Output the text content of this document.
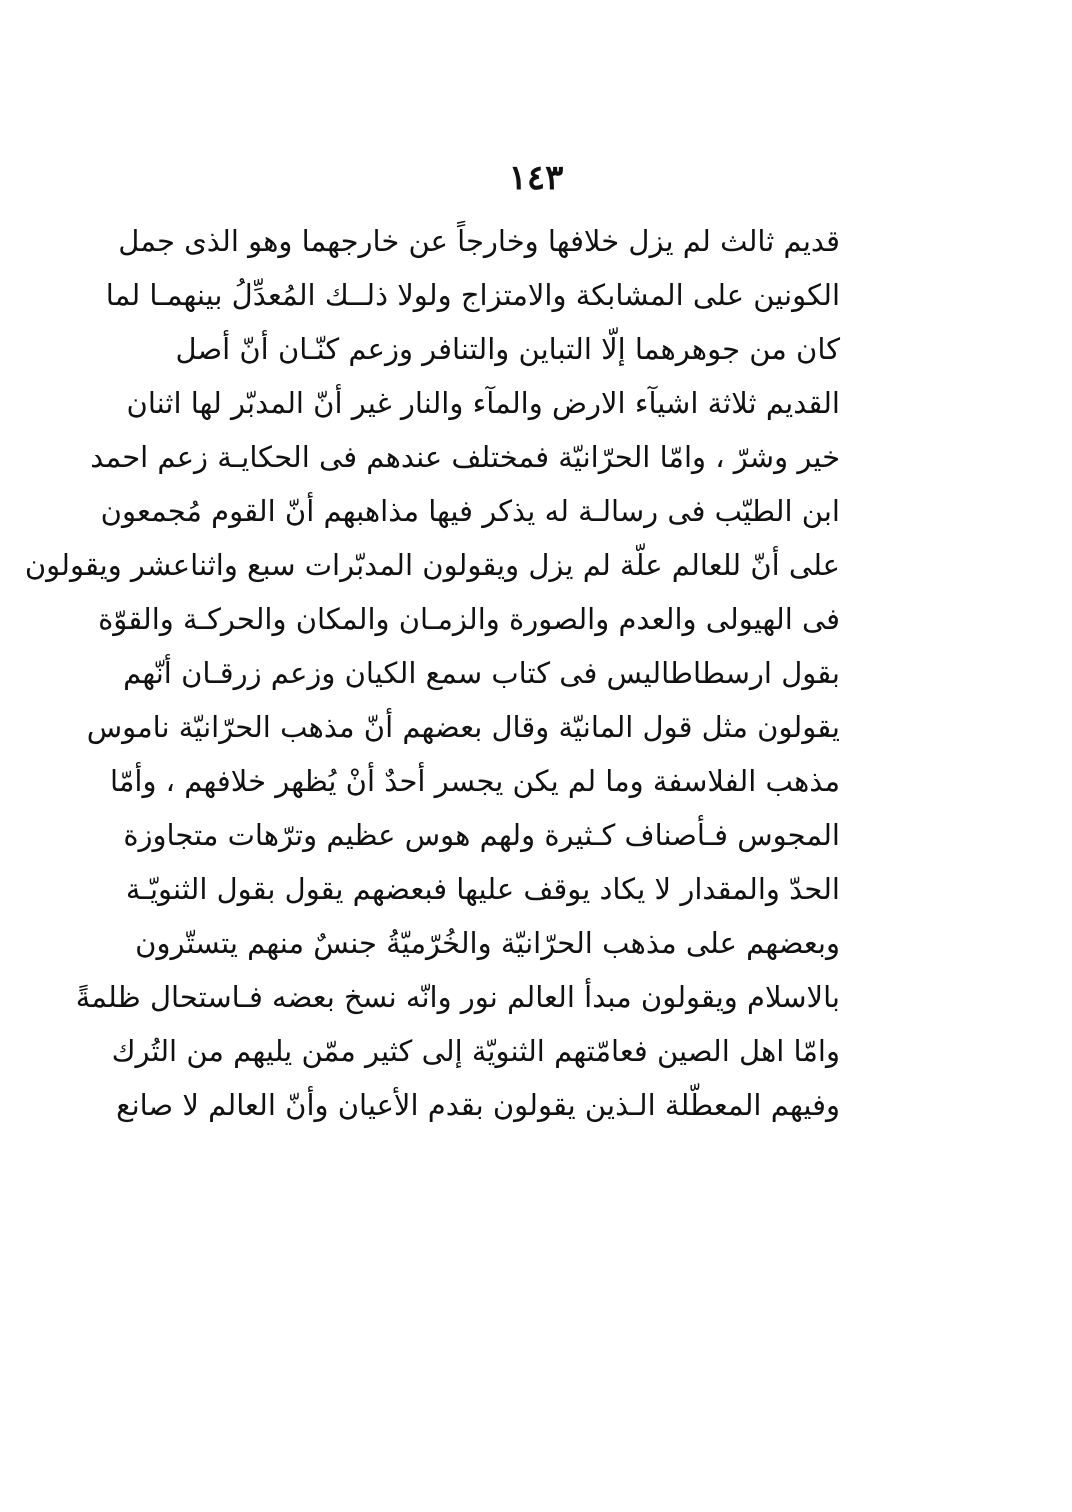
١٤٣
قديم ثالث لم يزل خلافها وخارجاً عن خارجهما وهو الذى جمل
الكونين على المشابكة والامتزاج ولولا ذلــك المُعدِّلُ بينهمـا لما
كان من جوهرهما إلّا التباين والتنافر وزعم كنّـان أنّ أصل
القديم ثلاثة اشيآء الارض والمآء والنار غير أنّ المدبّر لها اثنان
خير وشرّ ، وامّا الحرّانيّة فمختلف عندهم فى الحكايـة زعم احمد
ابن الطيّب فى رسالـة له يذكر فيها مذاهبهم أنّ القوم مُجمعون
على أنّ للعالم علّة لم يزل ويقولون المدبّرات سبع واثناعشر ويقولون
فى الهيولى والعدم والصورة والزمـان والمكان والحركـة والقوّة
بقول ارسطاطاليس فى كتاب سمع الكيان وزعم زرقـان أنّهم
يقولون مثل قول المانيّة وقال بعضهم أنّ مذهب الحرّانيّة ناموس
مذهب الفلاسفة وما لم يكن يجسر أحدٌ أنْ يُظهر خلافهم ، وأمّا
المجوس فـأصناف كـثيرة ولهم هوس عظيم وترّهات متجاوزة
الحدّ والمقدار لا يكاد يوقف عليها فبعضهم يقول بقول الثنويّـة
وبعضهم على مذهب الحرّانيّة والخُرّميّةُ جنسٌ منهم يتستّرون
بالاسلام ويقولون مبدأ العالم نور وانّه نسخ بعضه فـاستحال ظلمةً
وامّا اهل الصين فعامّتهم الثنويّة إلى كثير ممّن يليهم من التُرك
وفيهم المعطّلة الـذين يقولون بقدم الأعيان وأنّ العالم لا صانع
